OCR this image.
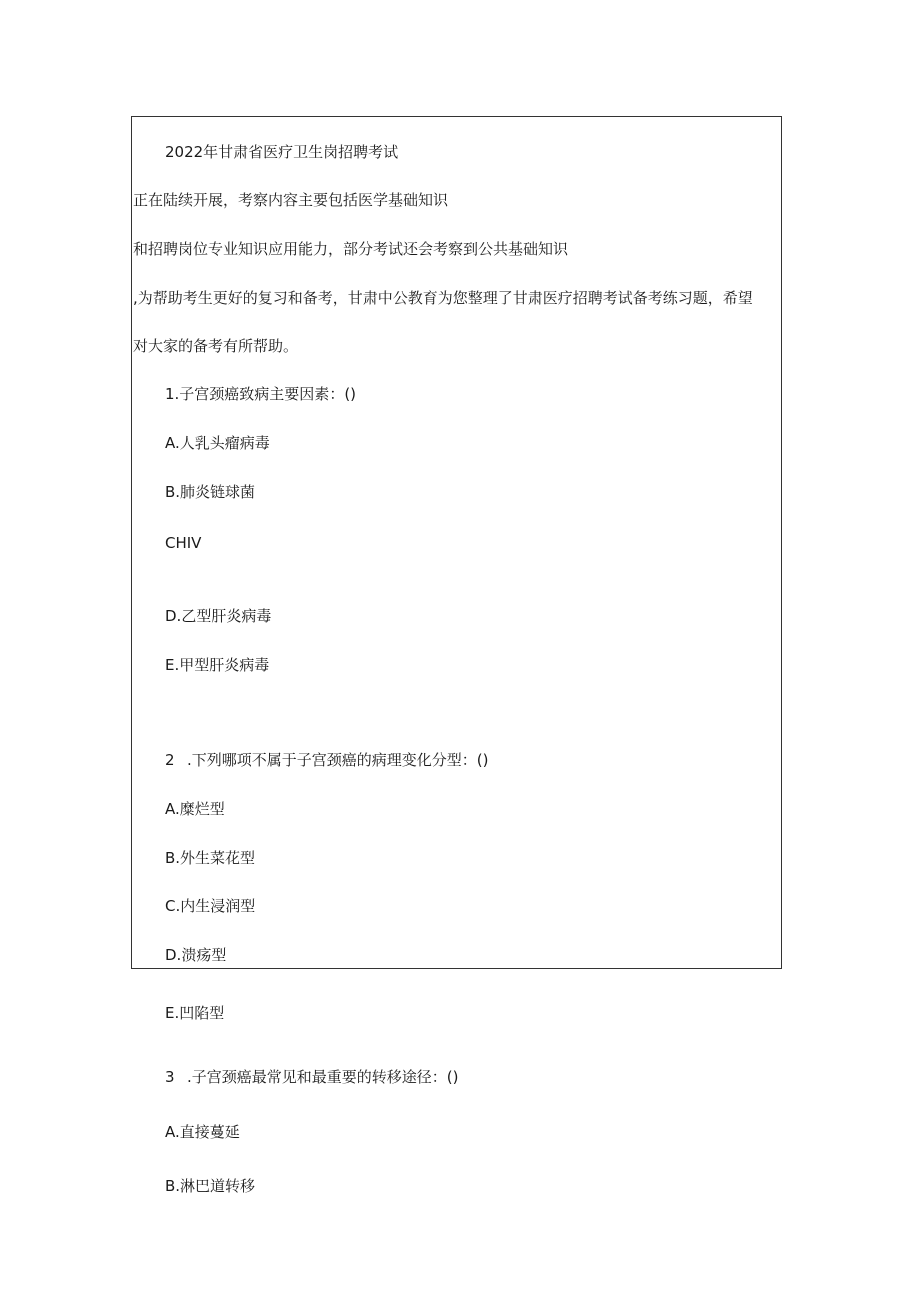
2022年甘肃省医疗卫生岗招聘考试
正在陆续开展，考察内容主要包括医学基础知识
和招聘岗位专业知识应用能力，部分考试还会考察到公共基础知识
,为帮助考生更好的复习和备考，甘肃中公教育为您整理了甘肃医疗招聘考试备考练习题，希望
对大家的备考有所帮助。
1.子宫颈癌致病主要因素：()
A.人乳头瘤病毒
B.肺炎链球菌
CHIV
D.乙型肝炎病毒
E.甲型肝炎病毒
2 .下列哪项不属于子宫颈癌的病理变化分型：()
A.糜烂型
B.外生菜花型
C.内生浸润型
D.溃疡型
E.凹陷型
3 .子宫颈癌最常见和最重要的转移途径：()
A.直接蔓延
B.淋巴道转移
